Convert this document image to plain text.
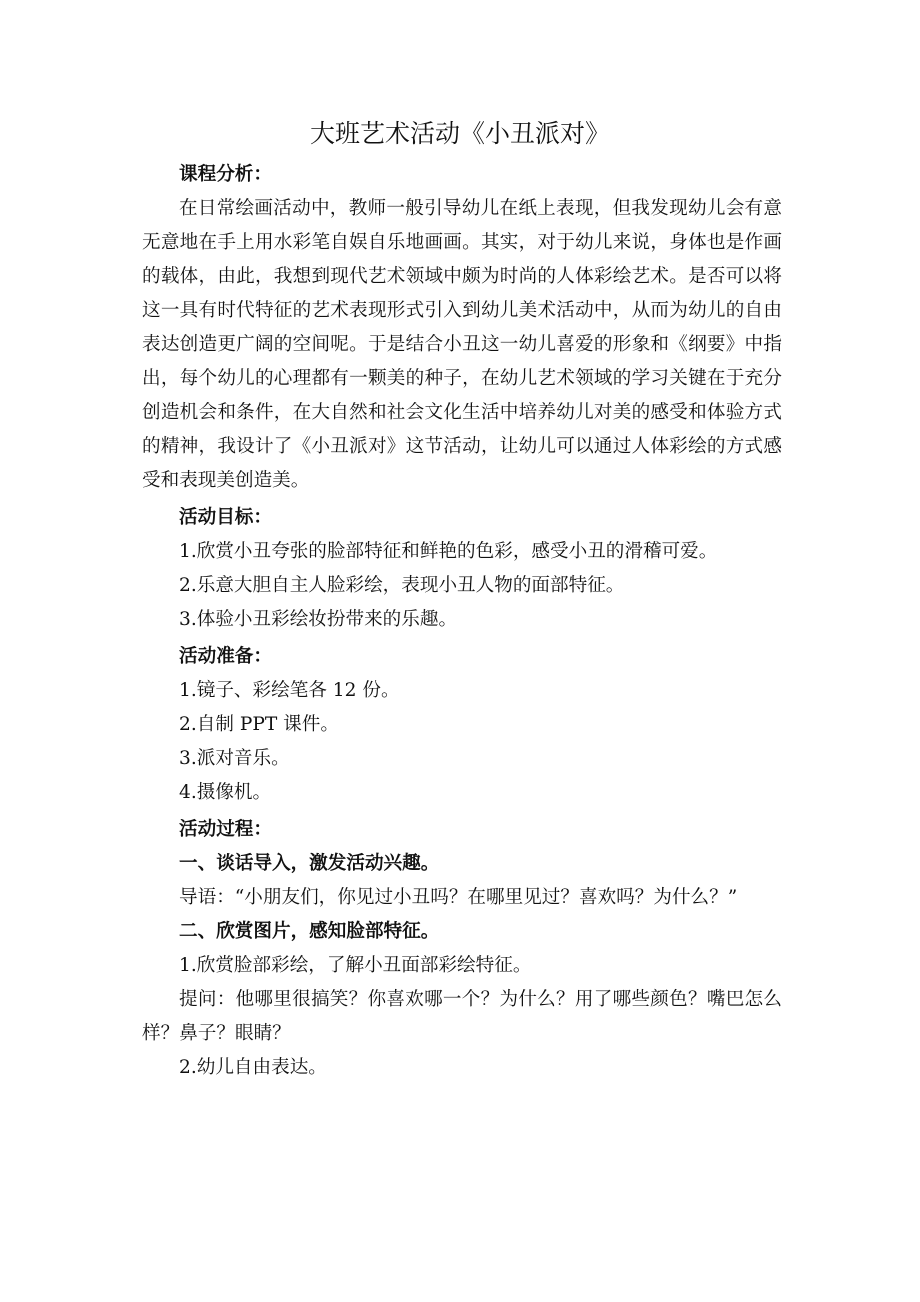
大班艺术活动《小丑派对》

课程分析：

在日常绘画活动中，教师一般引导幼儿在纸上表现，但我发现幼儿会有意无意地在手上用水彩笔自娱自乐地画画。其实，对于幼儿来说，身体也是作画的载体，由此，我想到现代艺术领域中颇为时尚的人体彩绘艺术。是否可以将这一具有时代特征的艺术表现形式引入到幼儿美术活动中，从而为幼儿的自由表达创造更广阔的空间呢。于是结合小丑这一幼儿喜爱的形象和《纲要》中指出，每个幼儿的心理都有一颗美的种子，在幼儿艺术领域的学习关键在于充分创造机会和条件，在大自然和社会文化生活中培养幼儿对美的感受和体验方式的精神，我设计了《小丑派对》这节活动，让幼儿可以通过人体彩绘的方式感受和表现美创造美。

活动目标：

1.欣赏小丑夸张的脸部特征和鲜艳的色彩，感受小丑的滑稽可爱。

2.乐意大胆自主人脸彩绘，表现小丑人物的面部特征。

3.体验小丑彩绘妆扮带来的乐趣。

活动准备：

1.镜子、彩绘笔各 12 份。

2.自制 PPT 课件。

3.派对音乐。

4.摄像机。

活动过程：

一、谈话导入，激发活动兴趣。

导语：“小朋友们，你见过小丑吗？在哪里见过？喜欢吗？为什么？”

二、欣赏图片，感知脸部特征。

1.欣赏脸部彩绘，了解小丑面部彩绘特征。

提问：他哪里很搞笑？你喜欢哪一个？为什么？用了哪些颜色？嘴巴怎么样？鼻子？眼睛？

2.幼儿自由表达。
